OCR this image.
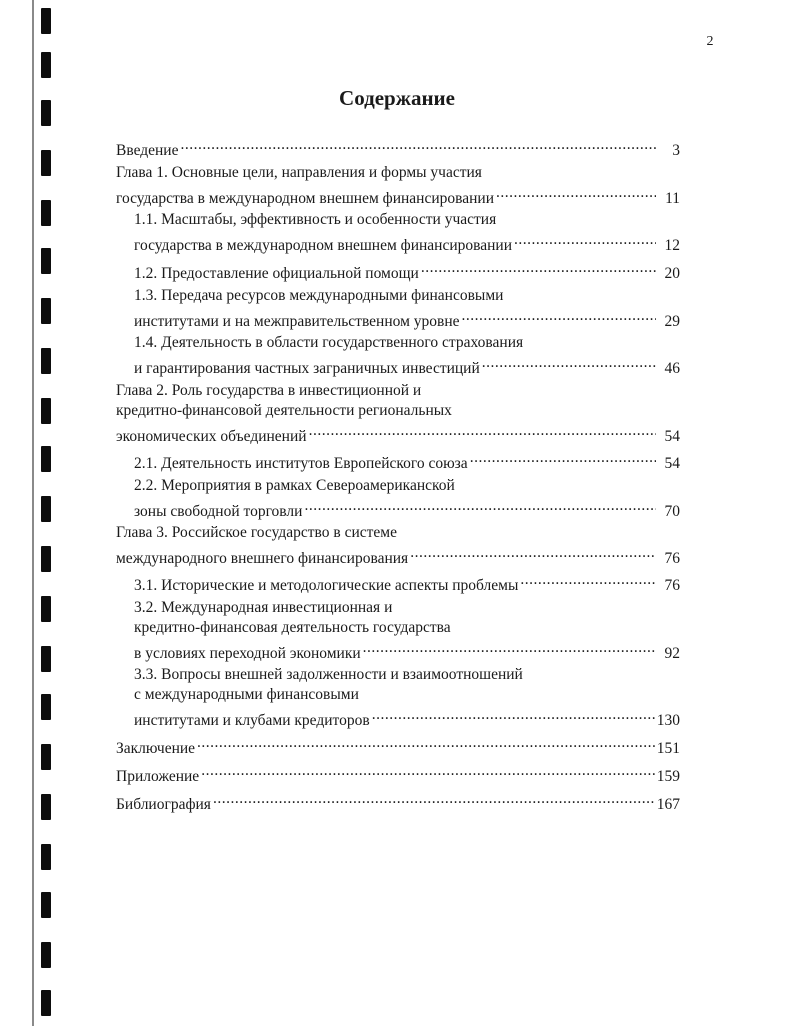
2
Содержание
Введение .....	3
Глава 1. Основные цели, направления и формы участия
государства в международном внешнем финансировании .....	11
1.1. Масштабы, эффективность и особенности участия
государства в международном внешнем финансировании .....	12
1.2. Предоставление официальной помощи .....	20
1.3. Передача ресурсов международными финансовыми
институтами и на межправительственном уровне .....	29
1.4. Деятельность в области государственного страхования
и гарантирования частных заграничных инвестиций .....	46
Глава 2. Роль государства в инвестиционной и
кредитно-финансовой деятельности региональных
экономических объединений .....	54
2.1. Деятельность институтов Европейского союза .....	54
2.2. Мероприятия в рамках Североамериканской
зоны свободной торговли .....	70
Глава 3. Российское государство в системе
международного внешнего финансирования .....	76
3.1. Исторические и методологические аспекты проблемы .....	76
3.2. Международная инвестиционная и
кредитно-финансовая деятельность государства
в условиях переходной экономики .....	92
3.3. Вопросы внешней задолженности и взаимоотношений
с международными финансовыми
институтами и клубами кредиторов .....	130
Заключение .....	151
Приложение .....	159
Библиография .....	167
